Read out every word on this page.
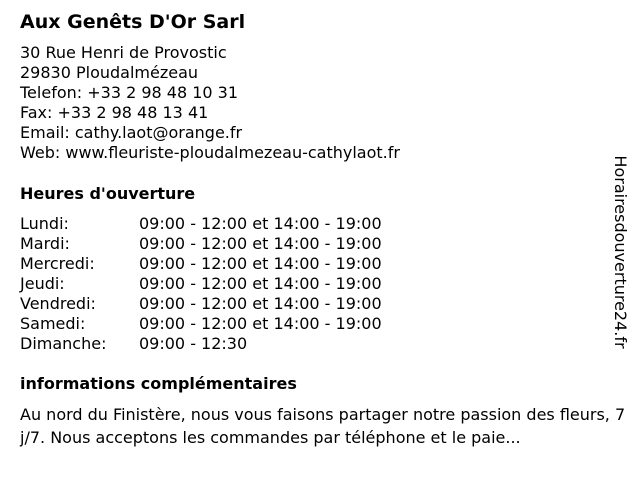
Aux Genêts D'Or Sarl
30 Rue Henri de Provostic
29830 Ploudalmézeau
Telefon: +33 2 98 48 10 31
Fax: +33 2 98 48 13 41
Email: cathy.laot@orange.fr
Web: www.fleuriste-ploudalmezeau-cathylaot.fr
Heures d'ouverture
Lundi:	09:00 - 12:00 et 14:00 - 19:00
Mardi:	09:00 - 12:00 et 14:00 - 19:00
Mercredi:	09:00 - 12:00 et 14:00 - 19:00
Jeudi:	09:00 - 12:00 et 14:00 - 19:00
Vendredi:	09:00 - 12:00 et 14:00 - 19:00
Samedi:	09:00 - 12:00 et 14:00 - 19:00
Dimanche:	09:00 - 12:30
informations complémentaires
Au nord du Finistère, nous vous faisons partager notre passion des fleurs, 7j/7. Nous acceptons les commandes par téléphone et le paie...
Horairesdouverture24.fr
